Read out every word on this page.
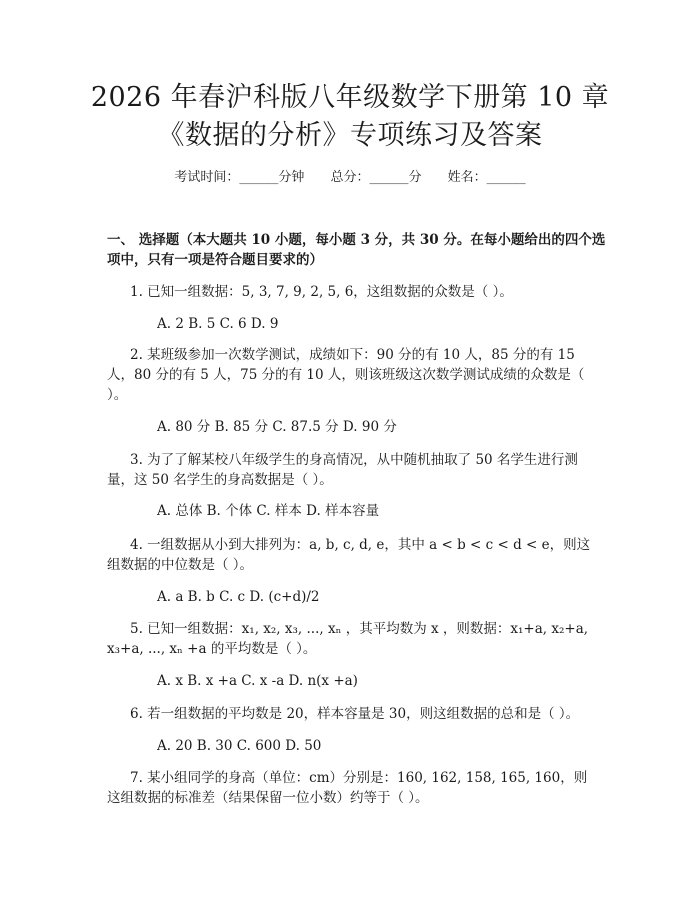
2026 年春沪科版八年级数学下册第 10 章
《数据的分析》专项练习及答案
考试时间：______分钟 总分：______分 姓名：______
一、 选择题（本大题共 10 小题，每小题 3 分，共 30 分。在每小题给出的四个选项中，只有一项是符合题目要求的）
1. 已知一组数据：5, 3, 7, 9, 2, 5, 6，这组数据的众数是（ ）。
A. 2 B. 5 C. 6 D. 9
2. 某班级参加一次数学测试，成绩如下：90 分的有 10 人，85 分的有 15 人，80 分的有 5 人，75 分的有 10 人，则该班级这次数学测试成绩的众数是（ ）。
A. 80 分 B. 85 分 C. 87.5 分 D. 90 分
3. 为了了解某校八年级学生的身高情况，从中随机抽取了 50 名学生进行测量，这 50 名学生的身高数据是（ ）。
A. 总体 B. 个体 C. 样本 D. 样本容量
4. 一组数据从小到大排列为：a, b, c, d, e，其中 a < b < c < d < e，则这组数据的中位数是（ ）。
A. a B. b C. c D. (c+d)/2
5. 已知一组数据：x₁, x₂, x₃, ..., xₙ ，其平均数为 x ，则数据：x₁+a, x₂+a, x₃+a, ..., xₙ +a 的平均数是（ ）。
A. x B. x +a C. x -a D. n(x +a)
6. 若一组数据的平均数是 20，样本容量是 30，则这组数据的总和是（ ）。
A. 20 B. 30 C. 600 D. 50
7. 某小组同学的身高（单位：cm）分别是：160, 162, 158, 165, 160，则这组数据的标准差（结果保留一位小数）约等于（ ）。
